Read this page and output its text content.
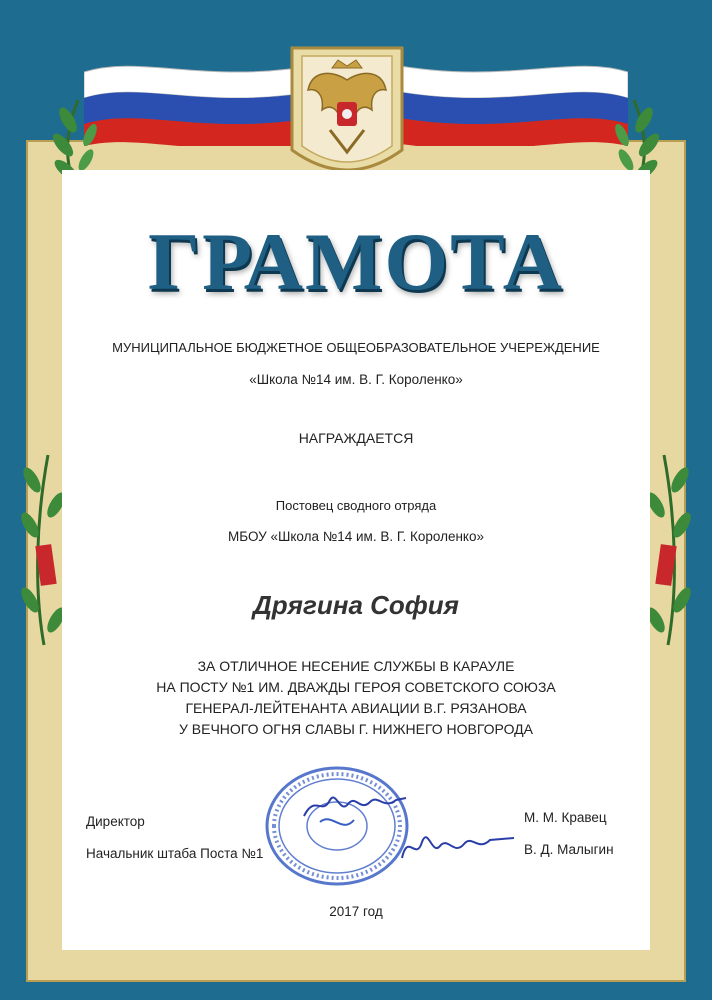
ГРАМОТА
МУНИЦИПАЛЬНОЕ БЮДЖЕТНОЕ ОБЩЕОБРАЗОВАТЕЛЬНОЕ УЧЕРЕЖДЕНИЕ
«Школа №14 им. В. Г. Короленко»
НАГРАЖДАЕТСЯ
Постовец сводного отряда
МБОУ «Школа №14 им. В. Г. Короленко»
Дрягина София
ЗА ОТЛИЧНОЕ НЕСЕНИЕ СЛУЖБЫ В КАРАУЛЕ
НА ПОСТУ №1 ИМ. ДВАЖДЫ ГЕРОЯ СОВЕТСКОГО СОЮЗА
ГЕНЕРАЛ-ЛЕЙТЕНАНТА АВИАЦИИ В.Г. РЯЗАНОВА
У ВЕЧНОГО ОГНЯ СЛАВЫ Г. НИЖНЕГО НОВГОРОДА
Директор	М. М. Кравец
Начальник штаба Поста №1	В. Д. Малыгин
2017 год
